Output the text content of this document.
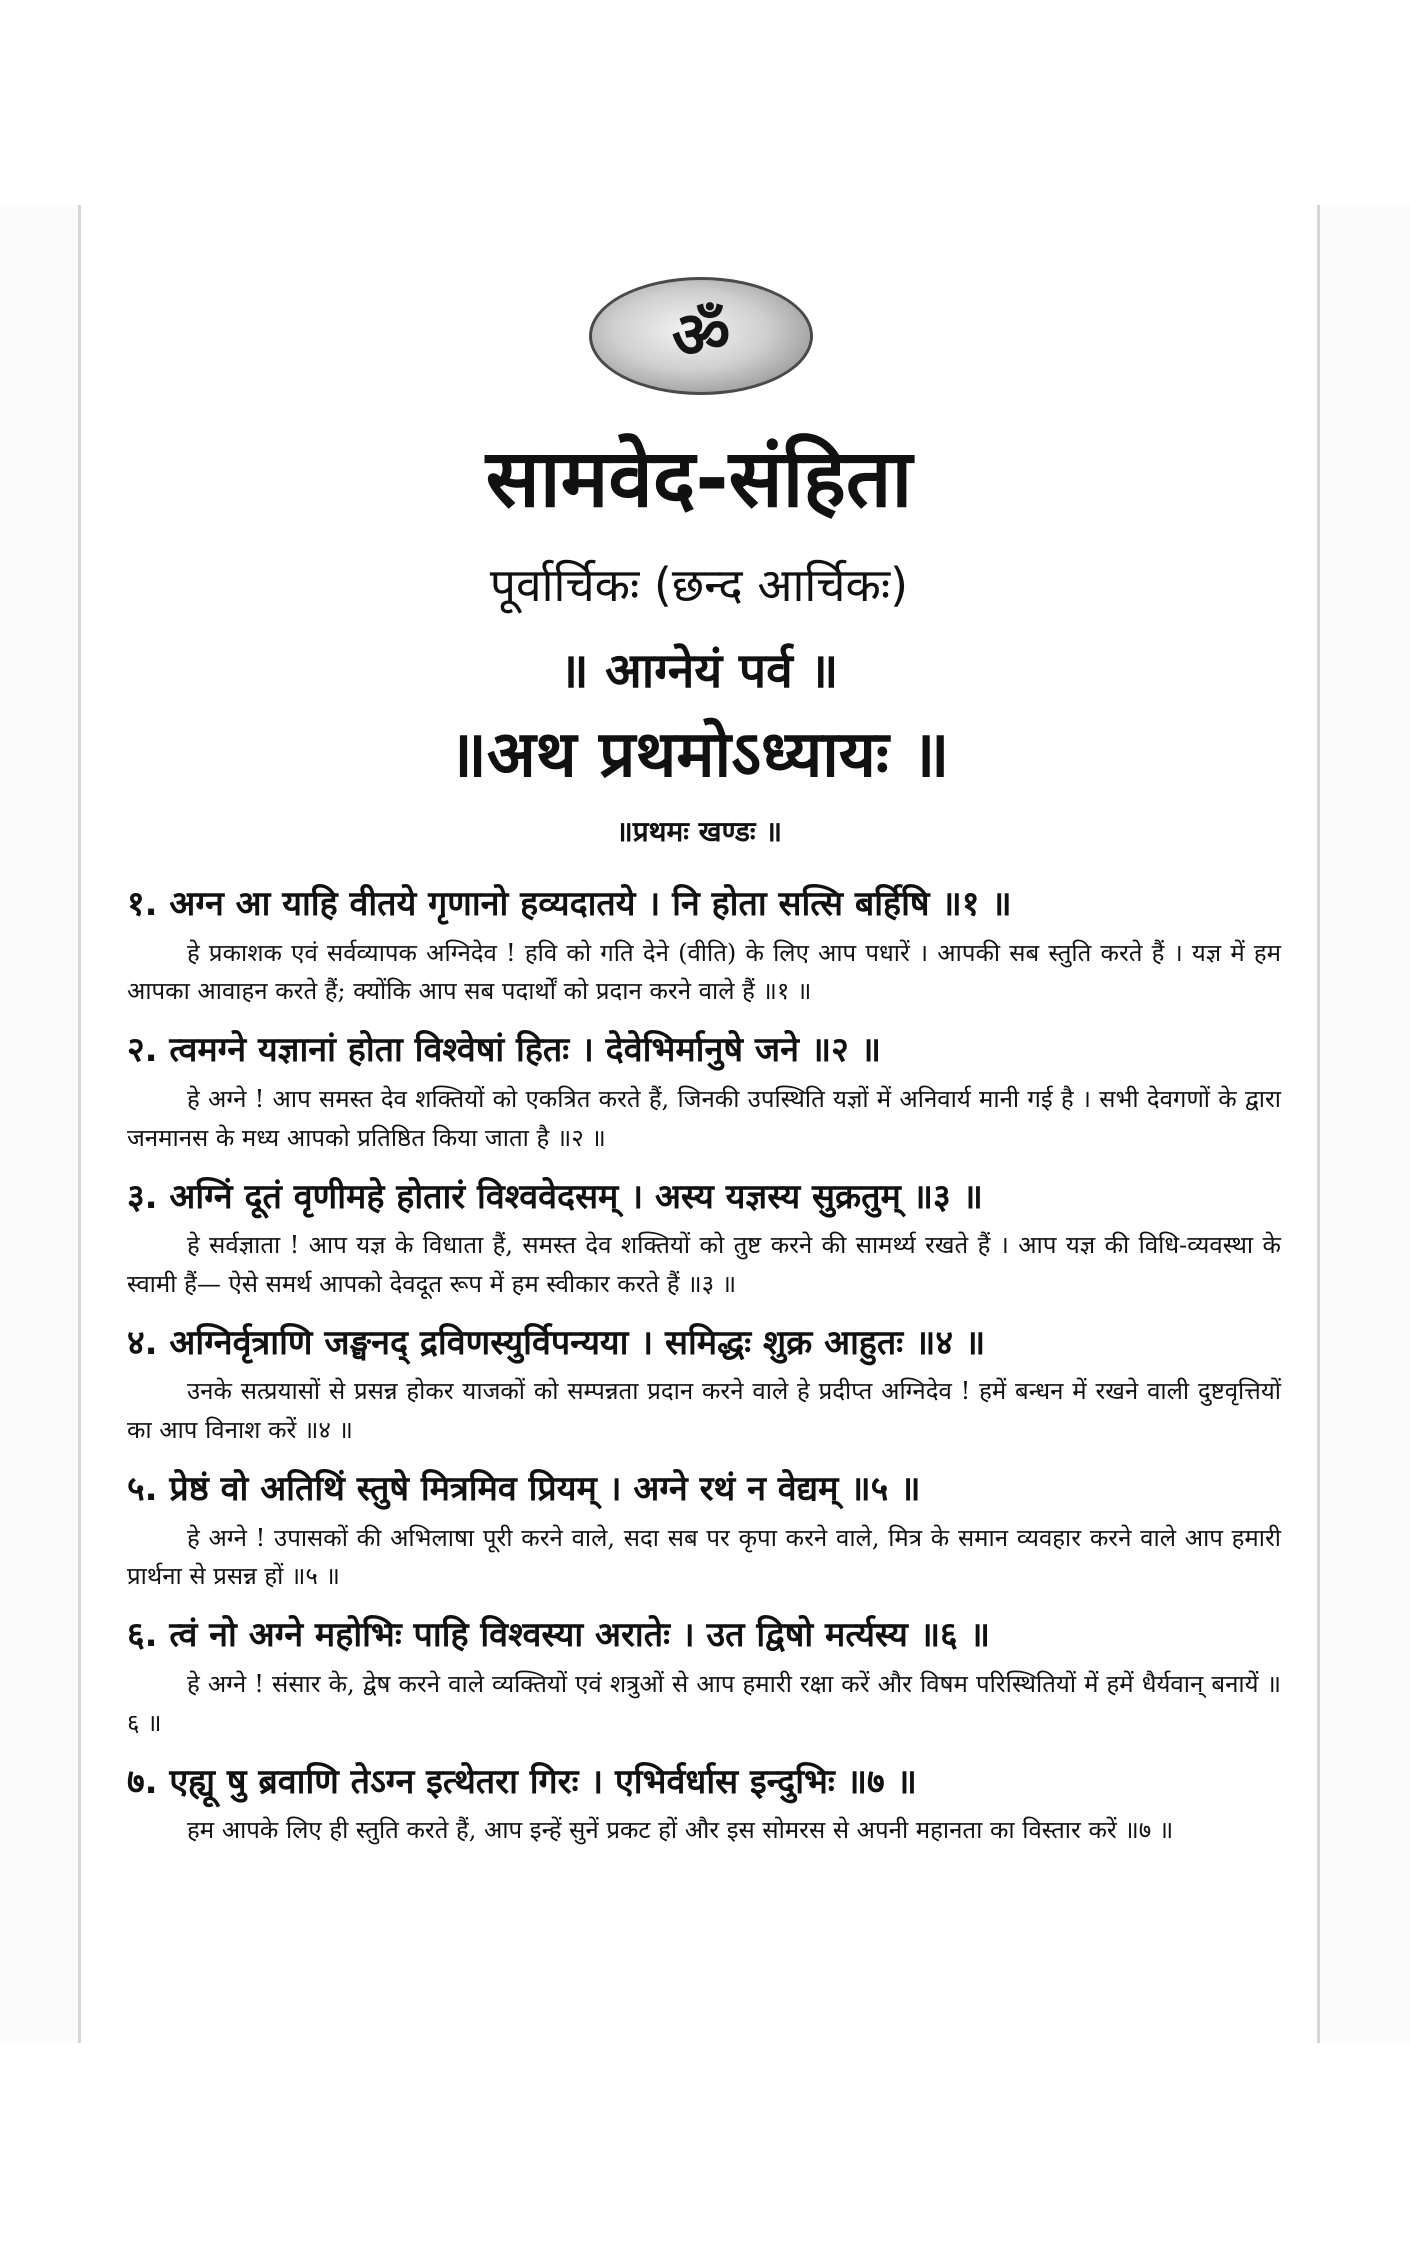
ॐ
सामवेद-संहिता
पूर्वार्चिकः (छन्द आर्चिकः)
॥ आग्नेयं पर्व ॥
॥अथ प्रथमोऽध्यायः ॥
॥प्रथमः खण्डः ॥
१. अग्न आ याहि वीतये गृणानो हव्यदातये । नि होता सत्सि बर्हिषि ॥१ ॥

हे प्रकाशक एवं सर्वव्यापक अग्निदेव ! हवि को गति देने (वीति) के लिए आप पधारें । आपकी सब स्तुति करते हैं । यज्ञ में हम आपका आवाहन करते हैं; क्योंकि आप सब पदार्थों को प्रदान करने वाले हैं ॥१ ॥

२. त्वमग्ने यज्ञानां होता विश्वेषां हितः । देवेभिर्मानुषे जने ॥२ ॥

हे अग्ने ! आप समस्त देव शक्तियों को एकत्रित करते हैं, जिनकी उपस्थिति यज्ञों में अनिवार्य मानी गई है । सभी देवगणों के द्वारा जनमानस के मध्य आपको प्रतिष्ठित किया जाता है ॥२ ॥

३. अग्निं दूतं वृणीमहे होतारं विश्ववेदसम् । अस्य यज्ञस्य सुक्रतुम् ॥३ ॥

हे सर्वज्ञाता ! आप यज्ञ के विधाता हैं, समस्त देव शक्तियों को तुष्ट करने की सामर्थ्य रखते हैं । आप यज्ञ की विधि-व्यवस्था के स्वामी हैं— ऐसे समर्थ आपको देवदूत रूप में हम स्वीकार करते हैं ॥३ ॥

४. अग्निर्वृत्राणि जङ्घनद् द्रविणस्युर्विपन्यया । समिद्धः शुक्र आहुतः ॥४ ॥

उनके सत्प्रयासों से प्रसन्न होकर याजकों को सम्पन्नता प्रदान करने वाले हे प्रदीप्त अग्निदेव ! हमें बन्धन में रखने वाली दुष्टवृत्तियों का आप विनाश करें ॥४ ॥

५. प्रेष्ठं वो अतिथिं स्तुषे मित्रमिव प्रियम् । अग्ने रथं न वेद्यम् ॥५ ॥

हे अग्ने ! उपासकों की अभिलाषा पूरी करने वाले, सदा सब पर कृपा करने वाले, मित्र के समान व्यवहार करने वाले आप हमारी प्रार्थना से प्रसन्न हों ॥५ ॥

६. त्वं नो अग्ने महोभिः पाहि विश्वस्या अरातेः । उत द्विषो मर्त्यस्य ॥६ ॥

हे अग्ने ! संसार के, द्वेष करने वाले व्यक्तियों एवं शत्रुओं से आप हमारी रक्षा करें और विषम परिस्थितियों में हमें धैर्यवान् बनायें ॥६ ॥

७. एह्यू षु ब्रवाणि तेऽग्न इत्थेतरा गिरः । एभिर्वर्धास इन्दुभिः ॥७ ॥

हम आपके लिए ही स्तुति करते हैं, आप इन्हें सुनें प्रकट हों और इस सोमरस से अपनी महानता का विस्तार करें ॥७ ॥
